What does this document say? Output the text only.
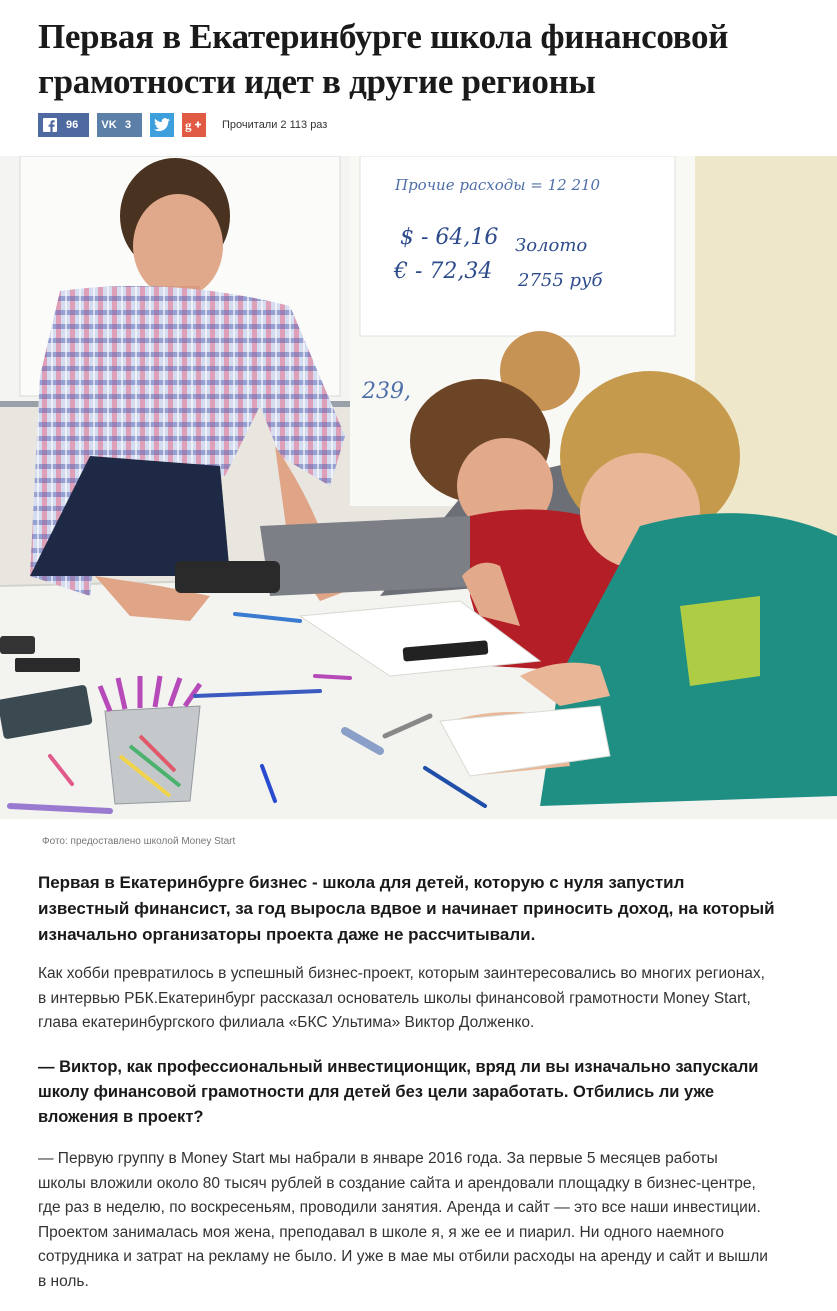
Первая в Екатеринбурге школа финансовой грамотности идет в другие регионы
96	VK 3	g	Прочитали 2 113 раз
Прочие расходы = 12 210
$ - 64,16 Золото
€ - 72,34 2755 руб
239,
Фото: предоставлено школой Money Start

Первая в Екатеринбурге бизнес - школа для детей, которую с нуля запустил известный финансист, за год выросла вдвое и начинает приносить доход, на который изначально организаторы проекта даже не рассчитывали.

Как хобби превратилось в успешный бизнес-проект, которым заинтересовались во многих регионах, в интервью РБК.Екатеринбург рассказал основатель школы финансовой грамотности Money Start, глава екатеринбургского филиала «БКС Ультима» Виктор Долженко.

— Виктор, как профессиональный инвестиционщик, вряд ли вы изначально запускали школу финансовой грамотности для детей без цели заработать. Отбились ли уже вложения в проект?

— Первую группу в Money Start мы набрали в январе 2016 года. За первые 5 месяцев работы школы вложили около 80 тысяч рублей в создание сайта и арендовали площадку в бизнес-центре, где раз в неделю, по воскресеньям, проводили занятия. Аренда и сайт — это все наши инвестиции. Проектом занималась моя жена, преподавал в школе я, я же ее и пиарил. Ни одного наемного сотрудника и затрат на рекламу не было. И уже в мае мы отбили расходы на аренду и сайт и вышли в ноль.
